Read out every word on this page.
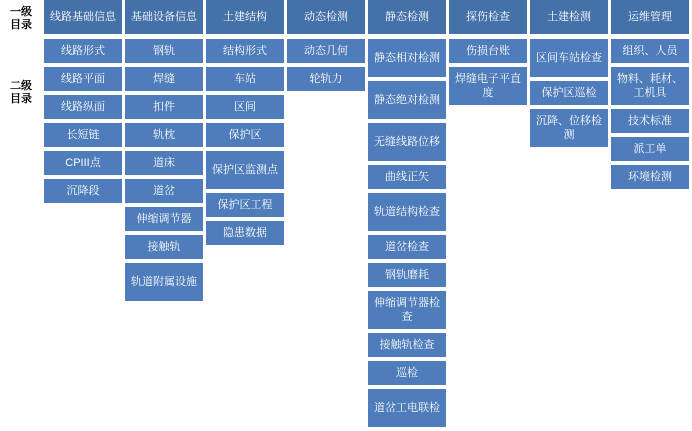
一级
目录
二级
目录
线路基础信息
线路形式
线路平面
线路纵面
长短链
CPIII点
沉降段
基础设备信息
钢轨
焊缝
扣件
轨枕
道床
道岔
伸缩调节器
接触轨
轨道附属设施
土建结构
结构形式
车站
区间
保护区
保护区监测点
保护区工程
隐患数据
动态检测
动态几何
轮轨力
静态检测
静态相对检测
静态绝对检测
无缝线路位移
曲线正矢
轨道结构检查
道岔检查
钢轨磨耗
伸缩调节器检查
接触轨检查
巡检
道岔工电联检
探伤检查
伤损台账
焊缝电子平直度
土建检测
区间车站检查
保护区巡检
沉降、位移检测
运维管理
组织、人员
物料、耗材、工机具
技术标准
派工单
环境检测
